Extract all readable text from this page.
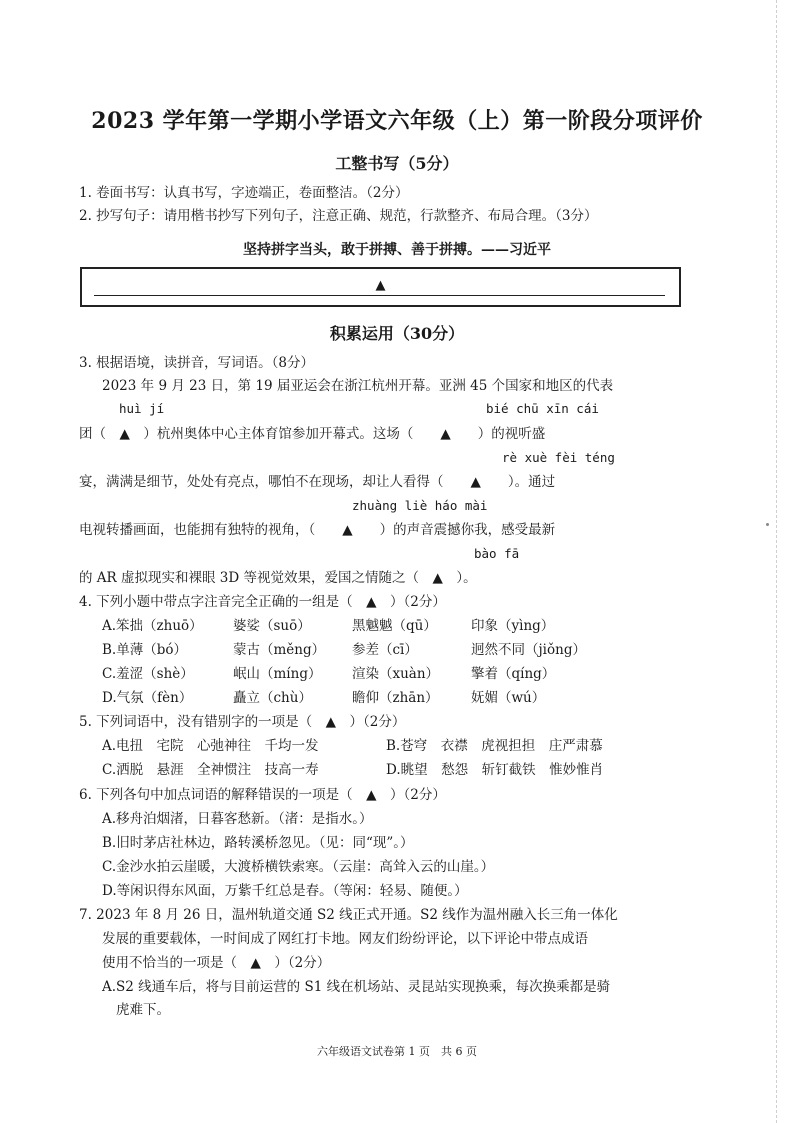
2023 学年第一学期小学语文六年级（上）第一阶段分项评价
工整书写（5分）
1. 卷面书写：认真书写，字迹端正，卷面整洁。（2分）
2. 抄写句子：请用楷书抄写下列句子，注意正确、规范，行款整齐、布局合理。（3分）
坚持拼字当头，敢于拼搏、善于拼搏。——习近平
▲
积累运用（30分）
3. 根据语境，读拼音，写词语。（8分）
2023 年 9 月 23 日，第 19 届亚运会在浙江杭州开幕。亚洲 45 个国家和地区的代表
huì jí	bié chū xīn cái
团（　▲　）杭州奥体中心主体育馆参加开幕式。这场（　　▲　　）的视听盛
rè xuè fèi téng
宴，满满是细节，处处有亮点，哪怕不在现场，却让人看得（　　▲　　）。通过
zhuàng liè háo mài
电视转播画面，也能拥有独特的视角，（　　▲　　）的声音震撼你我，感受最新
bào fā
的 AR 虚拟现实和裸眼 3D 等视觉效果，爱国之情随之（　▲　）。
4. 下列小题中带点字注音完全正确的一组是（　▲　）（2分）
A.笨拙（zhuō） 婆娑（suō）	黑魆魆（qū）	印象（yìng）
B.单薄（bó）	蒙古（měng） 参差（cī）	迥然不同（jiǒng）
C.羞涩（shè）	岷山（míng） 渲染（xuàn） 擎着（qíng）
D.气氛（fèn）	矗立（chù）	瞻仰（zhān） 妩媚（wú）
5. 下列词语中，没有错别字的一项是（　▲　）（2分）
A.电扭　宅院　心弛神往　千均一发	B.苍穹　衣襟　虎视担担　庄严肃慕
C.洒脱　悬涯　全神惯注　技高一寿	D.眺望　愁怨　斩钉截铁　惟妙惟肖
6. 下列各句中加点词语的解释错误的一项是（　▲　）（2分）
A.移舟泊烟渚，日暮客愁新。（渚：是指水。）
B.旧时茅店社林边，路转溪桥忽见。（见：同“现”。）
C.金沙水拍云崖暖，大渡桥横铁索寒。（云崖：高耸入云的山崖。）
D.等闲识得东风面，万紫千红总是春。（等闲：轻易、随便。）
7. 2023 年 8 月 26 日，温州轨道交通 S2 线正式开通。S2 线作为温州融入长三角一体化
发展的重要载体，一时间成了网红打卡地。网友们纷纷评论，以下评论中带点成语
使用不恰当的一项是（　▲　）（2分）
A.S2 线通车后，将与目前运营的 S1 线在机场站、灵昆站实现换乘，每次换乘都是骑
虎难下。
六年级语文试卷第 1 页　共 6 页
